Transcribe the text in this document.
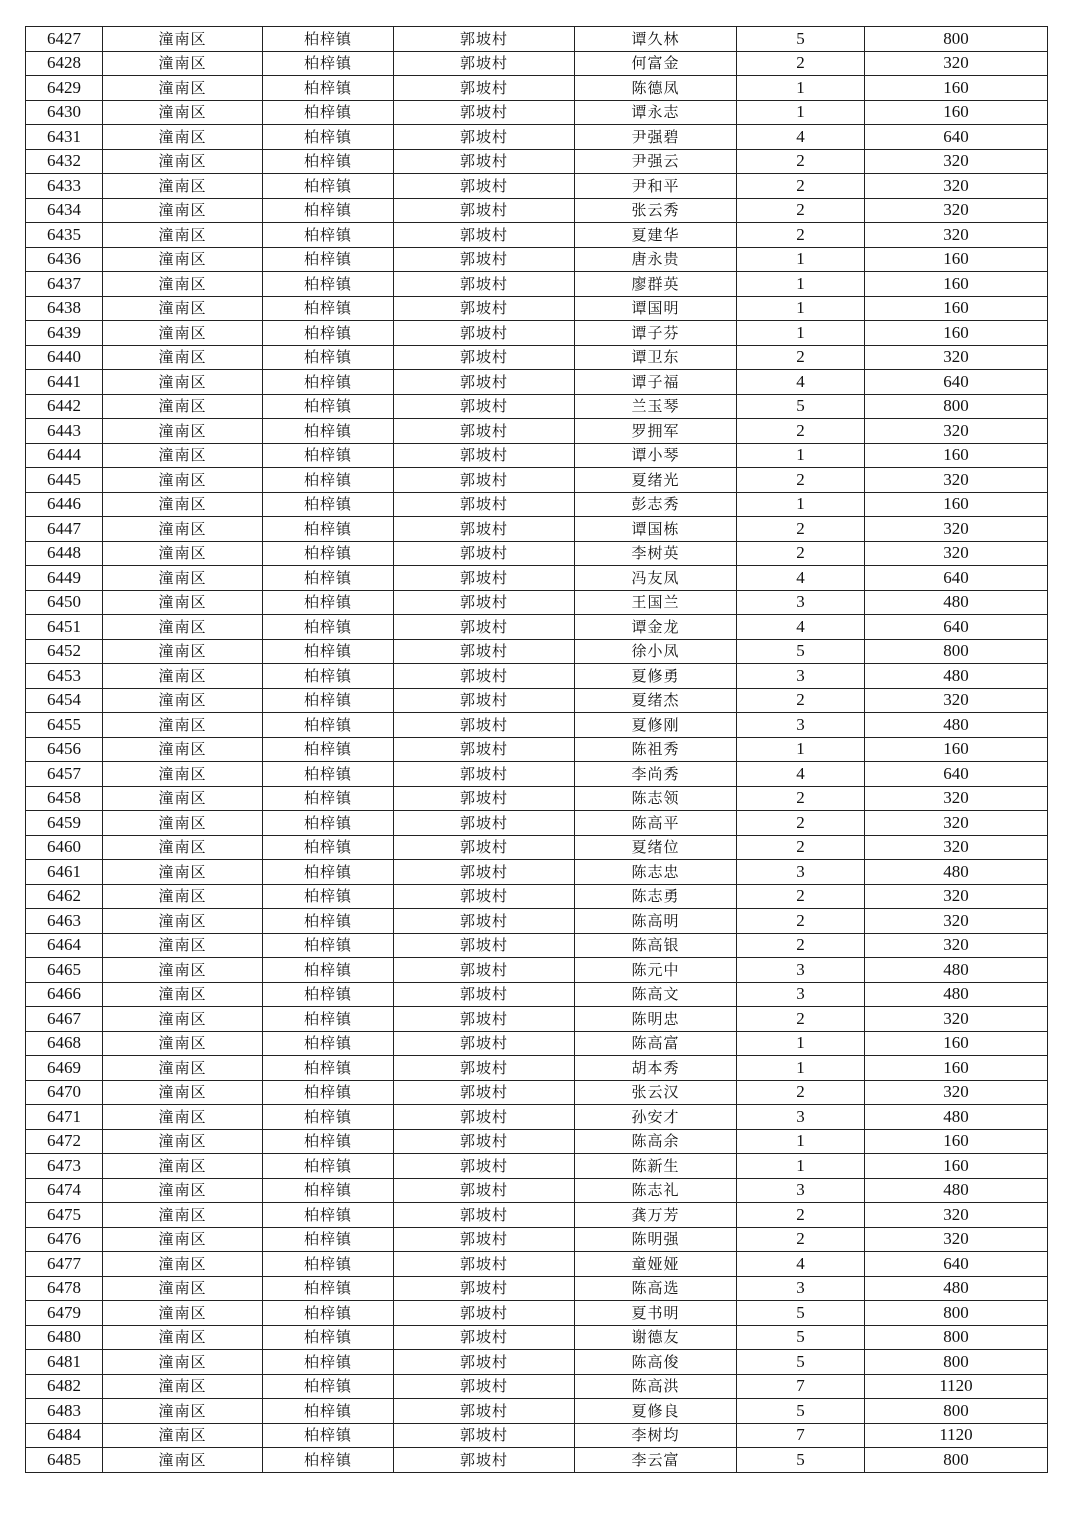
6427	潼南区	柏梓镇	郭坡村	谭久林	5	800
6428	潼南区	柏梓镇	郭坡村	何富金	2	320
6429	潼南区	柏梓镇	郭坡村	陈德凤	1	160
6430	潼南区	柏梓镇	郭坡村	谭永志	1	160
6431	潼南区	柏梓镇	郭坡村	尹强碧	4	640
6432	潼南区	柏梓镇	郭坡村	尹强云	2	320
6433	潼南区	柏梓镇	郭坡村	尹和平	2	320
6434	潼南区	柏梓镇	郭坡村	张云秀	2	320
6435	潼南区	柏梓镇	郭坡村	夏建华	2	320
6436	潼南区	柏梓镇	郭坡村	唐永贵	1	160
6437	潼南区	柏梓镇	郭坡村	廖群英	1	160
6438	潼南区	柏梓镇	郭坡村	谭国明	1	160
6439	潼南区	柏梓镇	郭坡村	谭子芬	1	160
6440	潼南区	柏梓镇	郭坡村	谭卫东	2	320
6441	潼南区	柏梓镇	郭坡村	谭子福	4	640
6442	潼南区	柏梓镇	郭坡村	兰玉琴	5	800
6443	潼南区	柏梓镇	郭坡村	罗拥军	2	320
6444	潼南区	柏梓镇	郭坡村	谭小琴	1	160
6445	潼南区	柏梓镇	郭坡村	夏绪光	2	320
6446	潼南区	柏梓镇	郭坡村	彭志秀	1	160
6447	潼南区	柏梓镇	郭坡村	谭国栋	2	320
6448	潼南区	柏梓镇	郭坡村	李树英	2	320
6449	潼南区	柏梓镇	郭坡村	冯友凤	4	640
6450	潼南区	柏梓镇	郭坡村	王国兰	3	480
6451	潼南区	柏梓镇	郭坡村	谭金龙	4	640
6452	潼南区	柏梓镇	郭坡村	徐小凤	5	800
6453	潼南区	柏梓镇	郭坡村	夏修勇	3	480
6454	潼南区	柏梓镇	郭坡村	夏绪杰	2	320
6455	潼南区	柏梓镇	郭坡村	夏修刚	3	480
6456	潼南区	柏梓镇	郭坡村	陈祖秀	1	160
6457	潼南区	柏梓镇	郭坡村	李尚秀	4	640
6458	潼南区	柏梓镇	郭坡村	陈志领	2	320
6459	潼南区	柏梓镇	郭坡村	陈高平	2	320
6460	潼南区	柏梓镇	郭坡村	夏绪位	2	320
6461	潼南区	柏梓镇	郭坡村	陈志忠	3	480
6462	潼南区	柏梓镇	郭坡村	陈志勇	2	320
6463	潼南区	柏梓镇	郭坡村	陈高明	2	320
6464	潼南区	柏梓镇	郭坡村	陈高银	2	320
6465	潼南区	柏梓镇	郭坡村	陈元中	3	480
6466	潼南区	柏梓镇	郭坡村	陈高文	3	480
6467	潼南区	柏梓镇	郭坡村	陈明忠	2	320
6468	潼南区	柏梓镇	郭坡村	陈高富	1	160
6469	潼南区	柏梓镇	郭坡村	胡本秀	1	160
6470	潼南区	柏梓镇	郭坡村	张云汉	2	320
6471	潼南区	柏梓镇	郭坡村	孙安才	3	480
6472	潼南区	柏梓镇	郭坡村	陈高余	1	160
6473	潼南区	柏梓镇	郭坡村	陈新生	1	160
6474	潼南区	柏梓镇	郭坡村	陈志礼	3	480
6475	潼南区	柏梓镇	郭坡村	龚万芳	2	320
6476	潼南区	柏梓镇	郭坡村	陈明强	2	320
6477	潼南区	柏梓镇	郭坡村	童娅娅	4	640
6478	潼南区	柏梓镇	郭坡村	陈高选	3	480
6479	潼南区	柏梓镇	郭坡村	夏书明	5	800
6480	潼南区	柏梓镇	郭坡村	谢德友	5	800
6481	潼南区	柏梓镇	郭坡村	陈高俊	5	800
6482	潼南区	柏梓镇	郭坡村	陈高洪	7	1120
6483	潼南区	柏梓镇	郭坡村	夏修良	5	800
6484	潼南区	柏梓镇	郭坡村	李树均	7	1120
6485	潼南区	柏梓镇	郭坡村	李云富	5	800
